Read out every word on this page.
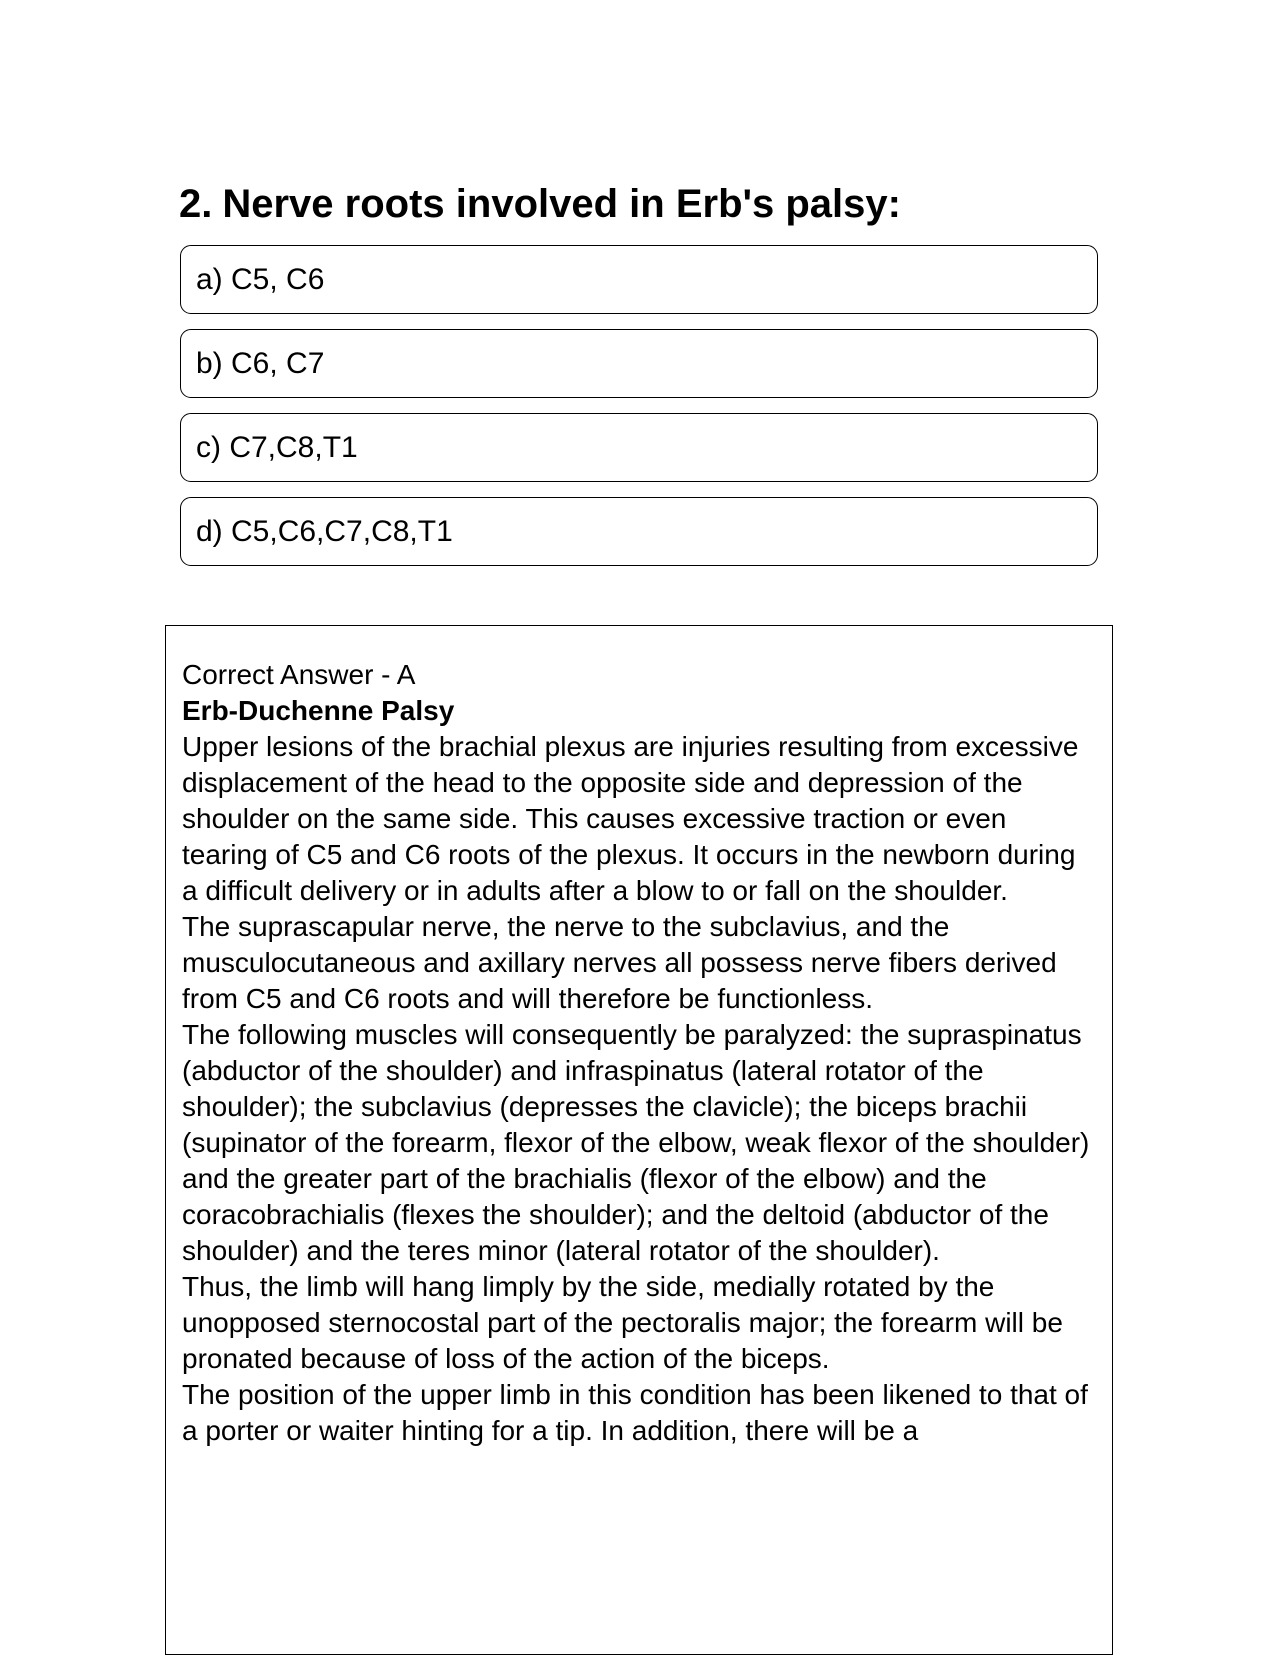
2. Nerve roots involved in Erb's palsy:
a) C5, C6
b) C6, C7
c) C7,C8,T1
d) C5,C6,C7,C8,T1

Correct Answer - A

Erb-Duchenne Palsy

Upper lesions of the brachial plexus are injuries resulting from excessive displacement of the head to the opposite side and depression of the shoulder on the same side. This causes excessive traction or even tearing of C5 and C6 roots of the plexus. It occurs in the newborn during a difficult delivery or in adults after a blow to or fall on the shoulder.

The suprascapular nerve, the nerve to the subclavius, and the musculocutaneous and axillary nerves all possess nerve fibers derived from C5 and C6 roots and will therefore be functionless.

The following muscles will consequently be paralyzed: the supraspinatus (abductor of the shoulder) and infraspinatus (lateral rotator of the shoulder); the subclavius (depresses the clavicle); the biceps brachii (supinator of the forearm, flexor of the elbow, weak flexor of the shoulder) and the greater part of the brachialis (flexor of the elbow) and the coracobrachialis (flexes the shoulder); and the deltoid (abductor of the shoulder) and the teres minor (lateral rotator of the shoulder).

Thus, the limb will hang limply by the side, medially rotated by the unopposed sternocostal part of the pectoralis major; the forearm will be pronated because of loss of the action of the biceps.

The position of the upper limb in this condition has been likened to that of a porter or waiter hinting for a tip. In addition, there will be a
